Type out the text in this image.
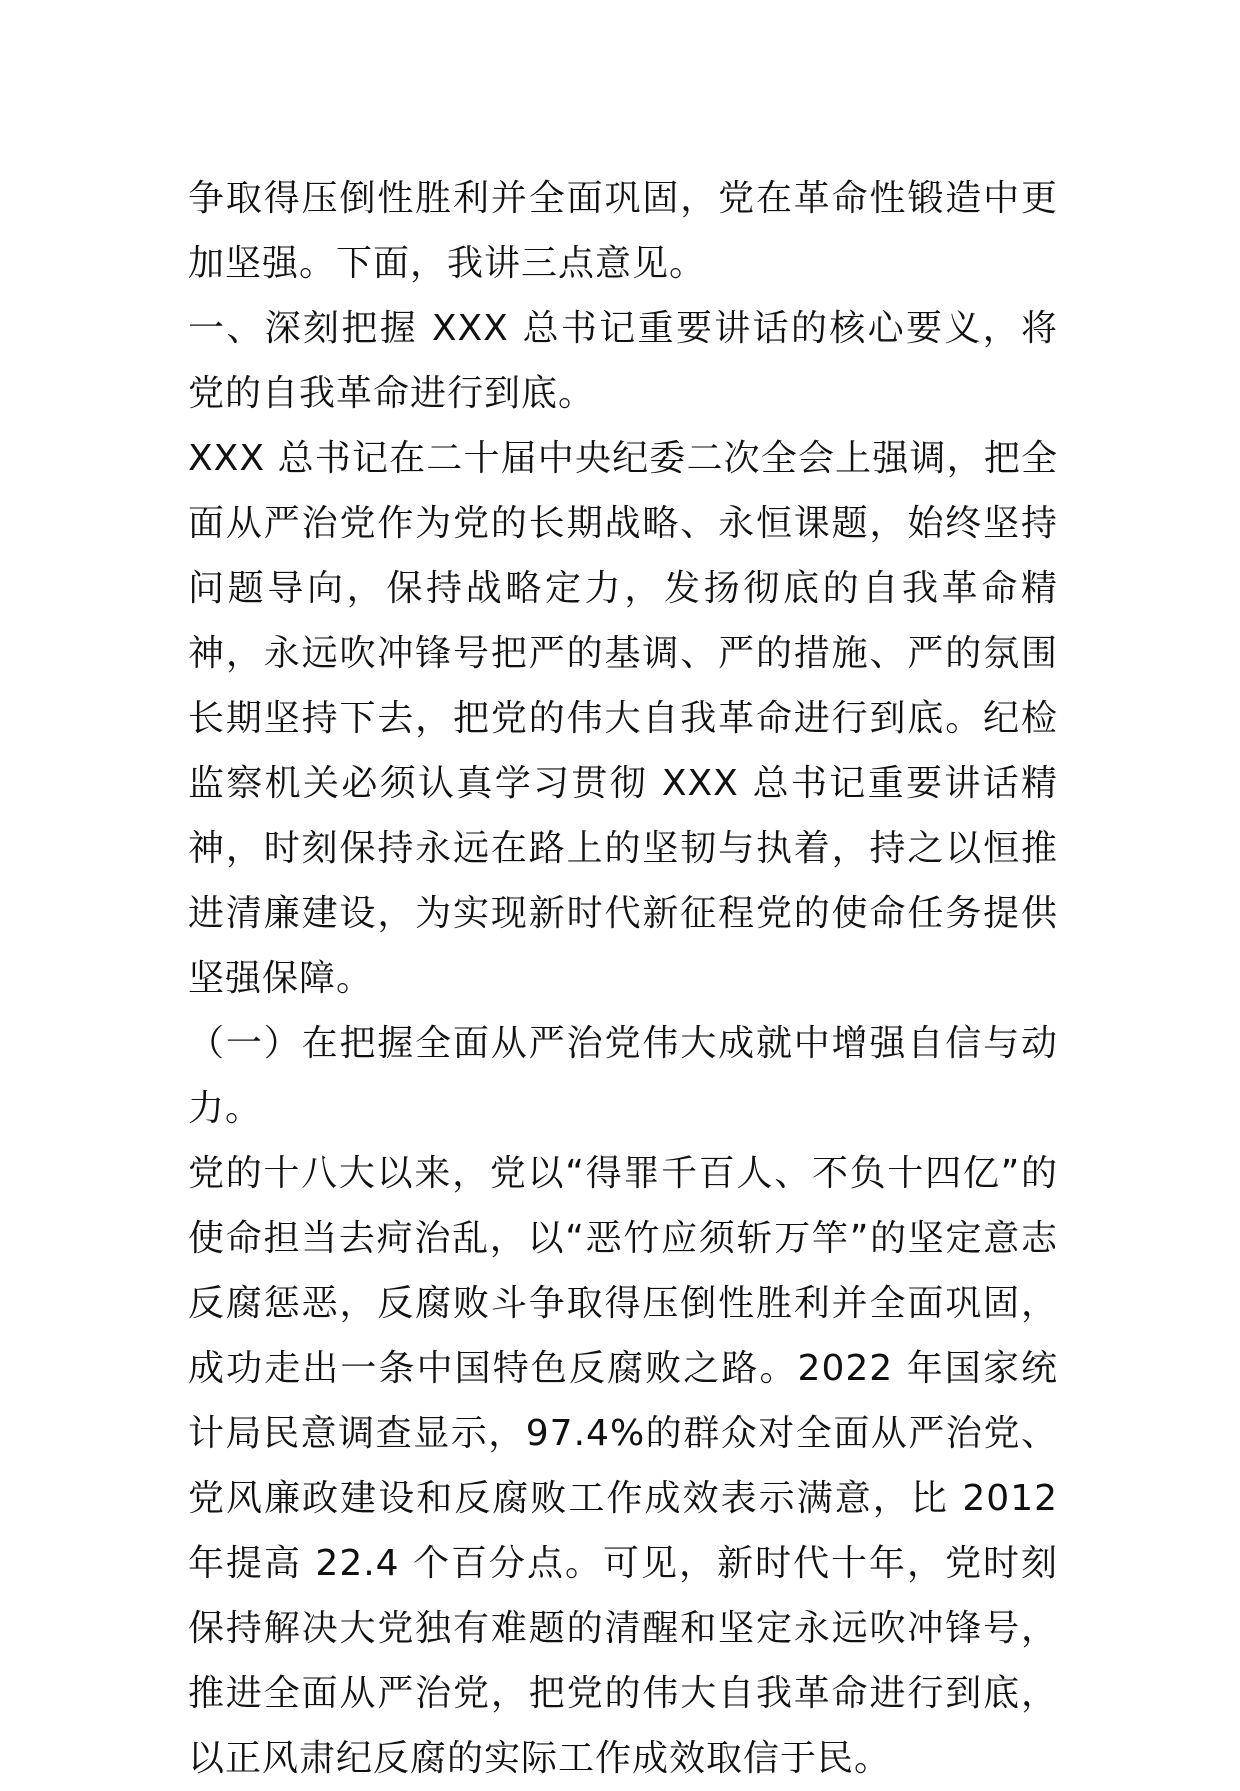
争取得压倒性胜利并全面巩固，党在革命性锻造中更加坚强。下面，我讲三点意见。

一、深刻把握 XXX 总书记重要讲话的核心要义，将党的自我革命进行到底。

XXX 总书记在二十届中央纪委二次全会上强调，把全面从严治党作为党的长期战略、永恒课题，始终坚持问题导向，保持战略定力，发扬彻底的自我革命精神，永远吹冲锋号把严的基调、严的措施、严的氛围长期坚持下去，把党的伟大自我革命进行到底。纪检监察机关必须认真学习贯彻 XXX 总书记重要讲话精神，时刻保持永远在路上的坚韧与执着，持之以恒推进清廉建设，为实现新时代新征程党的使命任务提供坚强保障。

（一）在把握全面从严治党伟大成就中增强自信与动力。

党的十八大以来，党以“得罪千百人、不负十四亿”的使命担当去疴治乱，以“恶竹应须斩万竿”的坚定意志反腐惩恶，反腐败斗争取得压倒性胜利并全面巩固，成功走出一条中国特色反腐败之路。2022 年国家统计局民意调查显示，97.4%的群众对全面从严治党、党风廉政建设和反腐败工作成效表示满意，比 2012 年提高 22.4 个百分点。可见，新时代十年，党时刻保持解决大党独有难题的清醒和坚定永远吹冲锋号，推进全面从严治党，把党的伟大自我革命进行到底，以正风肃纪反腐的实际工作成效取信于民。
